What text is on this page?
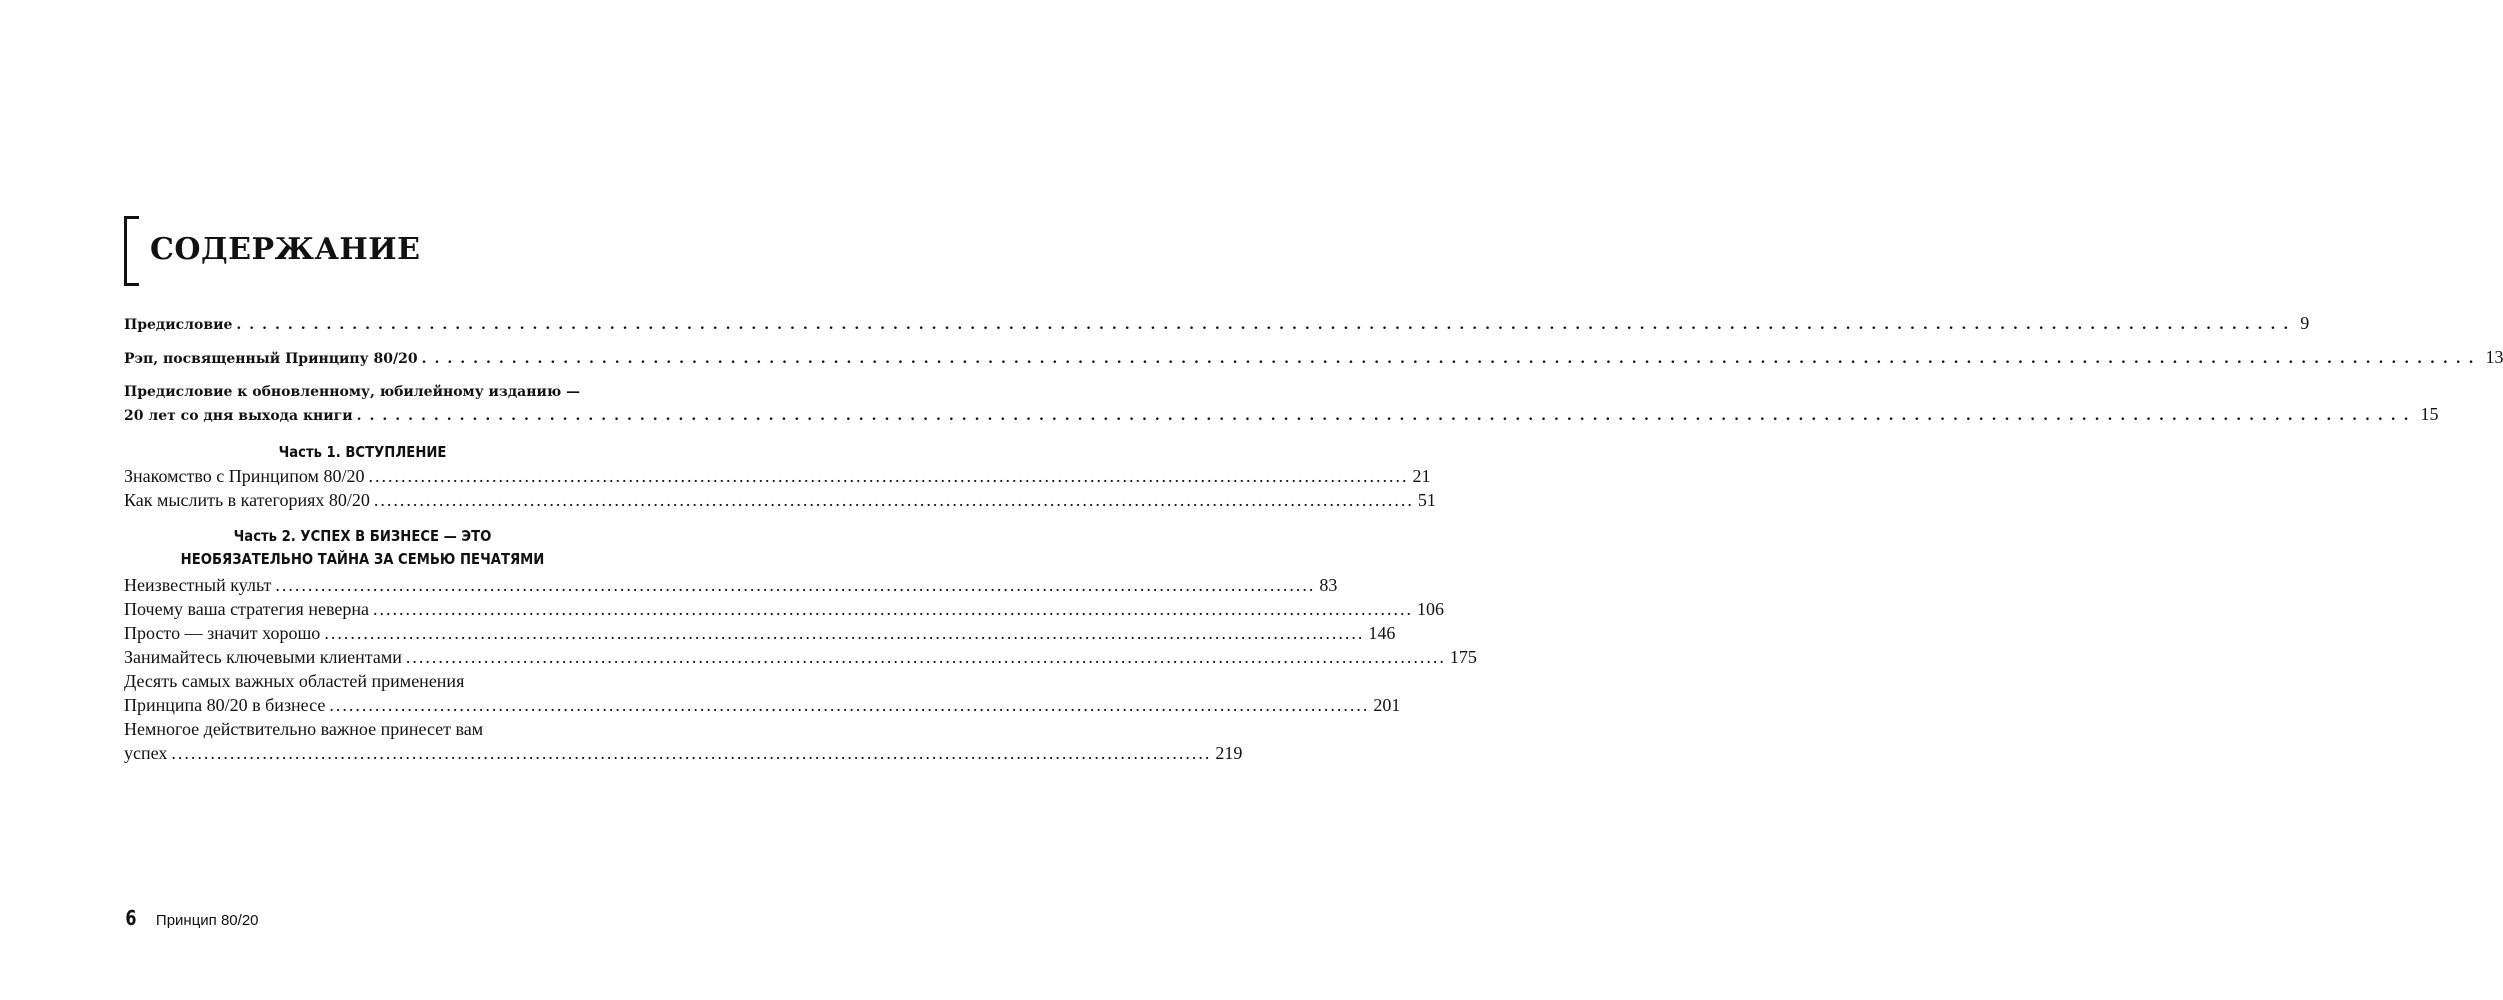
СОДЕРЖАНИЕ
Предисловие ................................................................................................................................................................ 9
Рэп, посвященный Принципу 80/20 ................................................................................................................................................................ 13
Предисловие к обновленному, юбилейному изданию —
20 лет со дня выхода книги ................................................................................................................................................................ 15
Часть 1. ВСТУПЛЕНИЕ
Знакомство с Принципом 80/20 ................................................................................................................................................................ 21
Как мыслить в категориях 80/20 ................................................................................................................................................................ 51
Часть 2. УСПЕХ В БИЗНЕСЕ — ЭТО
НЕОБЯЗАТЕЛЬНО ТАЙНА ЗА СЕМЬЮ ПЕЧАТЯМИ
Неизвестный культ ................................................................................................................................................................ 83
Почему ваша стратегия неверна ................................................................................................................................................................ 106
Просто — значит хорошо ................................................................................................................................................................ 146
Занимайтесь ключевыми клиентами ................................................................................................................................................................ 175
Десять самых важных областей применения
Принципа 80/20 в бизнесе ................................................................................................................................................................ 201
Немногое действительно важное принесет вам
успех ................................................................................................................................................................ 219
6 Принцип 80/20
